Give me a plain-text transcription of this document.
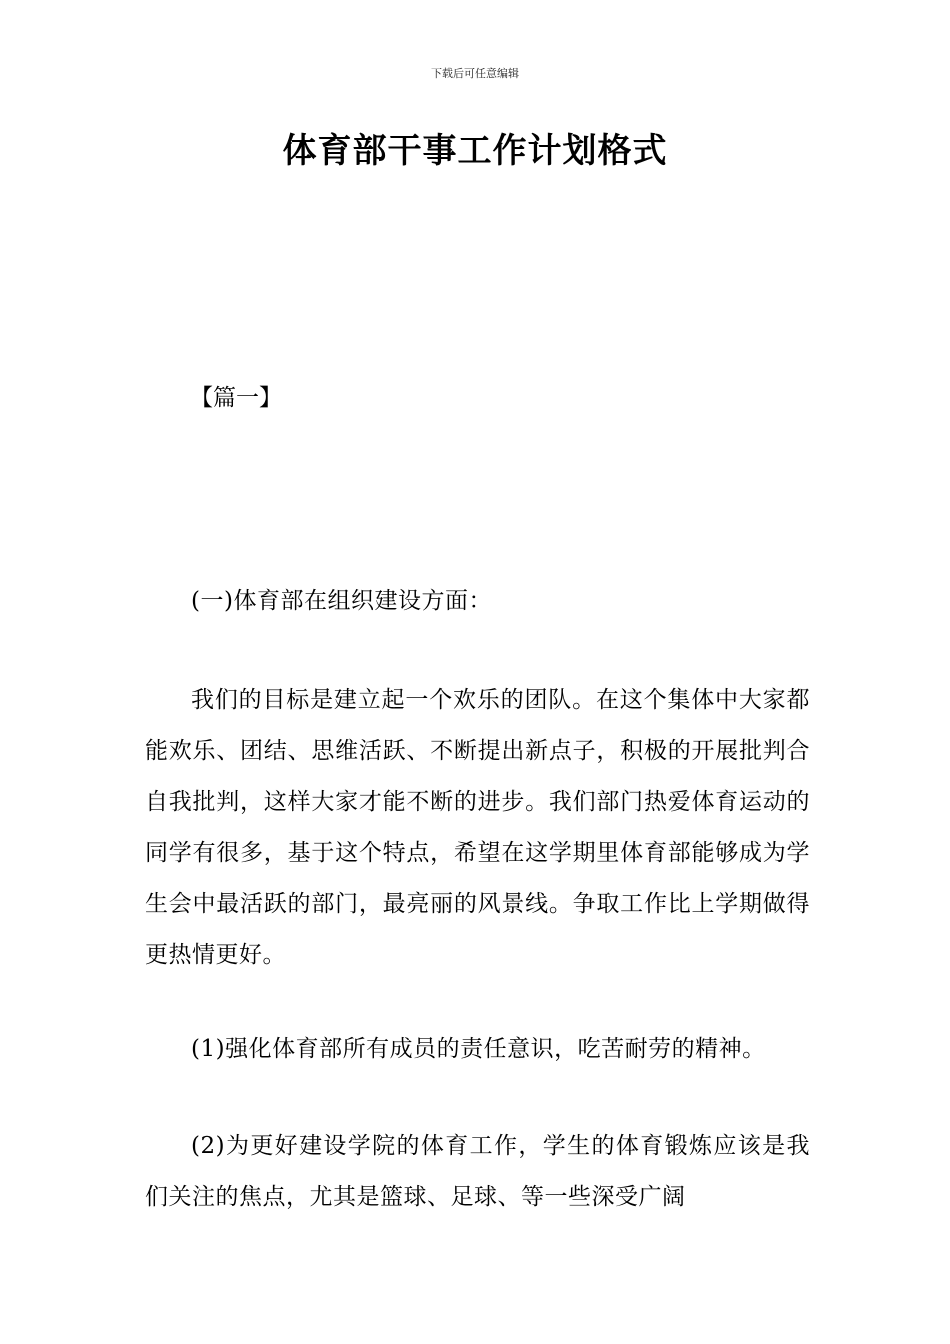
下载后可任意编辑
体育部干事工作计划格式

【篇一】

(一)体育部在组织建设方面：

我们的目标是建立起一个欢乐的团队。在这个集体中大家都能欢乐、团结、思维活跃、不断提出新点子，积极的开展批判合自我批判，这样大家才能不断的进步。我们部门热爱体育运动的同学有很多，基于这个特点，希望在这学期里体育部能够成为学生会中最活跃的部门，最亮丽的风景线。争取工作比上学期做得更热情更好。

(1)强化体育部所有成员的责任意识，吃苦耐劳的精神。

(2)为更好建设学院的体育工作，学生的体育锻炼应该是我们关注的焦点，尤其是篮球、足球、等一些深受广阔
